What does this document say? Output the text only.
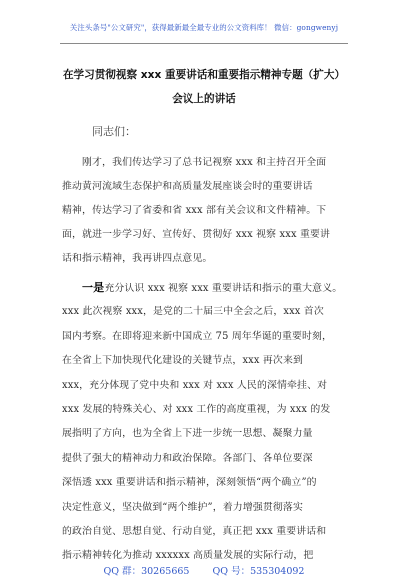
关注头条号"公文研究"，获得最新最全最专业的公文资料库！ 微信：gongwenyj
在学习贯彻视察 xxx 重要讲话和重要指示精神专题（扩大）
会议上的讲话
同志们：
刚才，我们传达学习了总书记视察 xxx 和主持召开全面
推动黄河流域生态保护和高质量发展座谈会时的重要讲话
精神，传达学习了省委和省 xxx 部有关会议和文件精神。下
面，就进一步学习好、宣传好、贯彻好 xxx 视察 xxx 重要讲
话和指示精神，我再讲四点意见。
一是充分认识 xxx 视察 xxx 重要讲话和指示的重大意义。
xxx 此次视察 xxx，是党的二十届三中全会之后，xxx 首次
国内考察。在即将迎来新中国成立 75 周年华诞的重要时刻，
在全省上下加快现代化建设的关键节点，xxx 再次来到
xxx，充分体现了党中央和 xxx 对 xxx 人民的深情牵挂、对
xxx 发展的特殊关心、对 xxx 工作的高度重视，为 xxx 的发
展指明了方向，也为全省上下进一步统一思想、凝聚力量
提供了强大的精神动力和政治保障。各部门、各单位要深
深悟透 xxx 重要讲话和指示精神，深刻领悟“两个确立”的
决定性意义，坚决做到“两个维护”，着力增强贯彻落实
的政治自觉、思想自觉、行动自觉，真正把 xxx 重要讲话和
指示精神转化为推动 xxxxxx 高质量发展的实际行动，把
QQ 群：30265665 QQ 号：535304092
